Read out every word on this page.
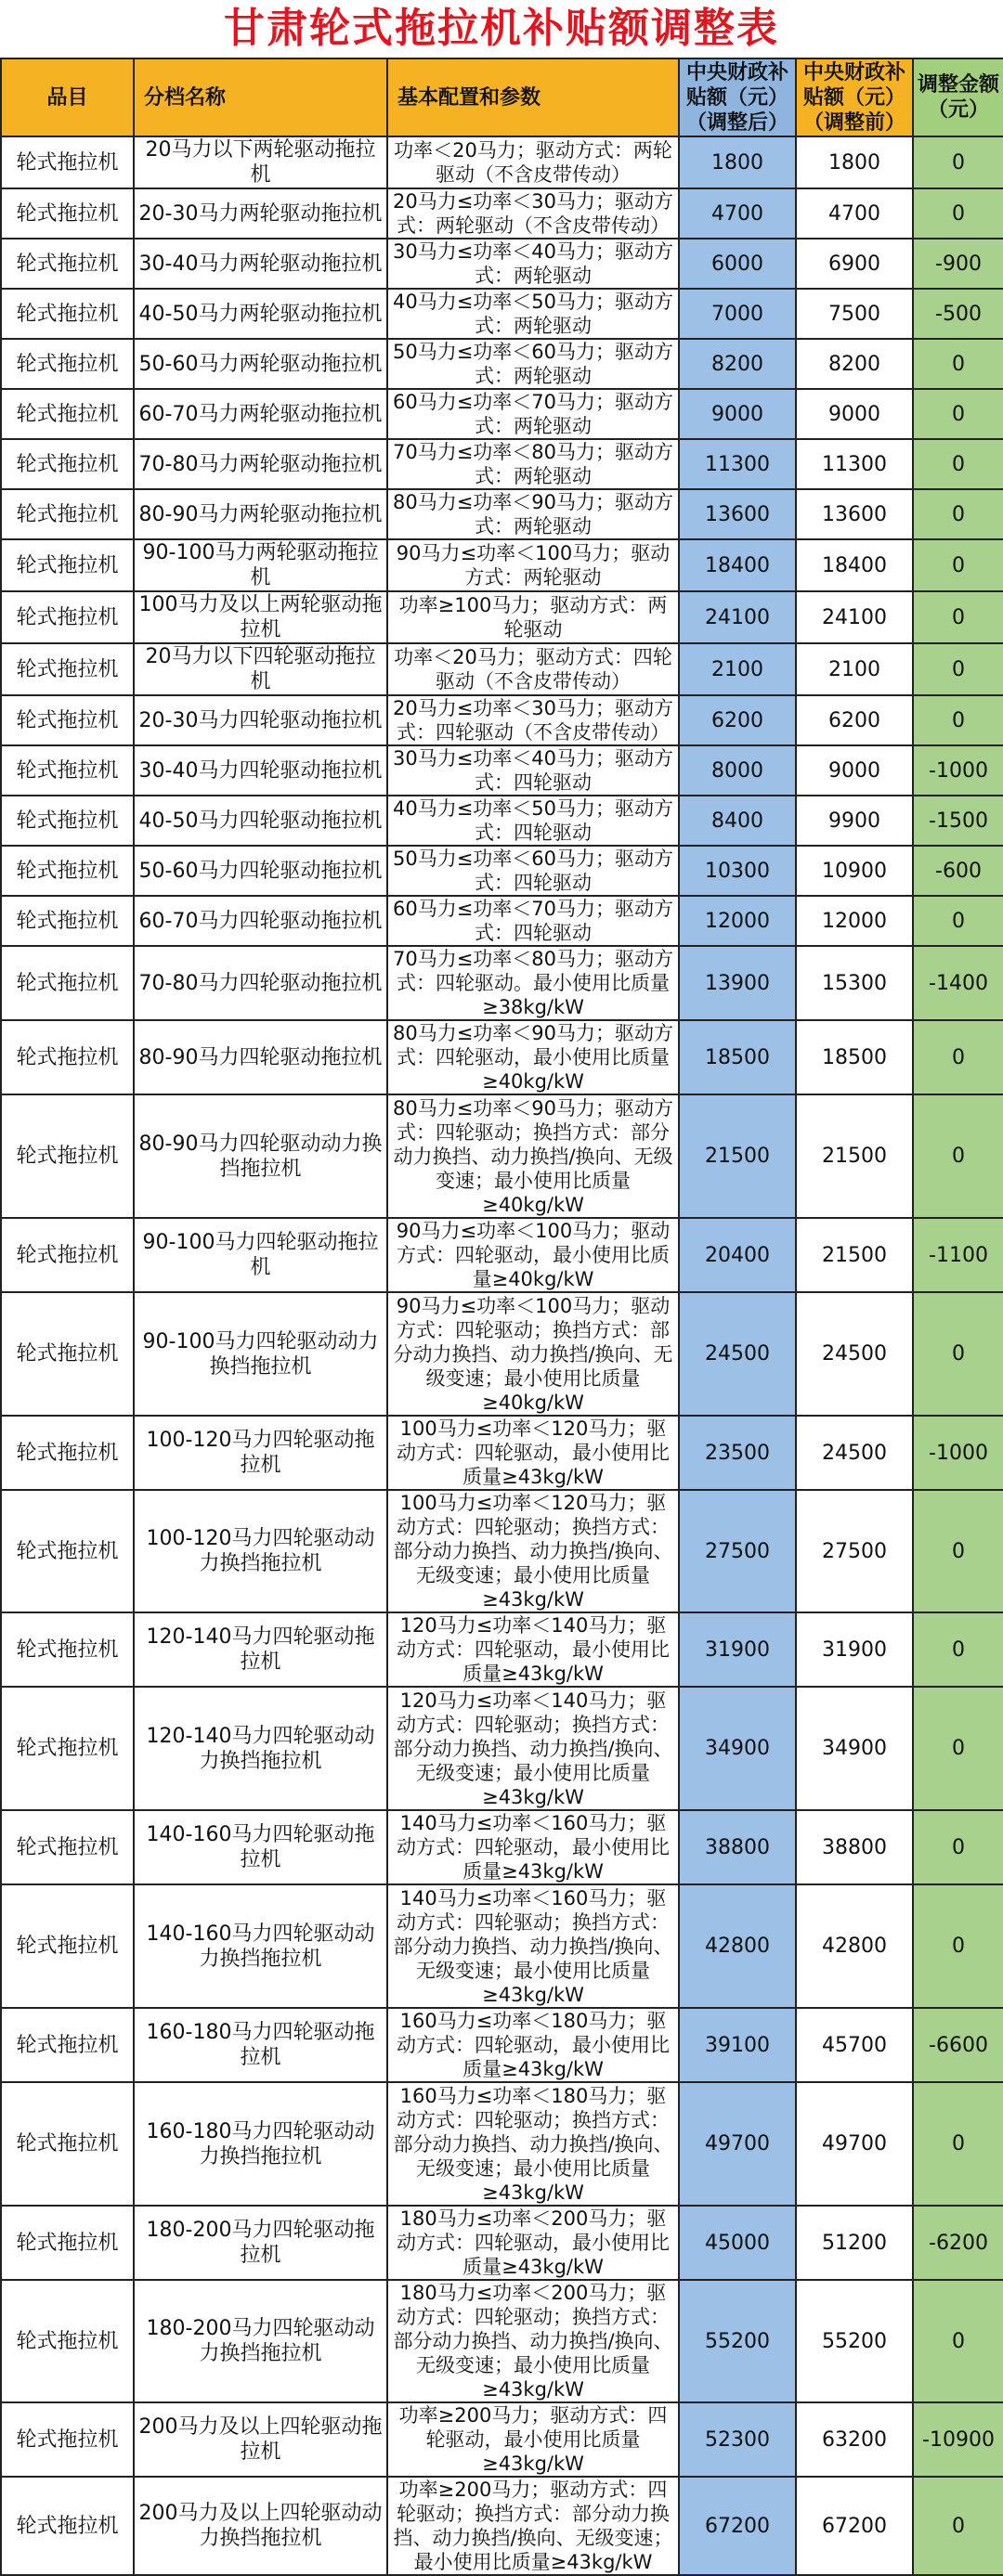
甘肃轮式拖拉机补贴额调整表
品目	分档名称	基本配置和参数	中央财政补贴额（元）（调整后）	中央财政补贴额（元）（调整前）	调整金额（元）
轮式拖拉机	20马力以下两轮驱动拖拉机	功率＜20马力；驱动方式：两轮驱动（不含皮带传动）	1800	1800	0
轮式拖拉机	20-30马力两轮驱动拖拉机	20马力≤功率＜30马力；驱动方式：两轮驱动（不含皮带传动）	4700	4700	0
轮式拖拉机	30-40马力两轮驱动拖拉机	30马力≤功率＜40马力；驱动方式：两轮驱动	6000	6900	-900
轮式拖拉机	40-50马力两轮驱动拖拉机	40马力≤功率＜50马力；驱动方式：两轮驱动	7000	7500	-500
轮式拖拉机	50-60马力两轮驱动拖拉机	50马力≤功率＜60马力；驱动方式：两轮驱动	8200	8200	0
轮式拖拉机	60-70马力两轮驱动拖拉机	60马力≤功率＜70马力；驱动方式：两轮驱动	9000	9000	0
轮式拖拉机	70-80马力两轮驱动拖拉机	70马力≤功率＜80马力；驱动方式：两轮驱动	11300	11300	0
轮式拖拉机	80-90马力两轮驱动拖拉机	80马力≤功率＜90马力；驱动方式：两轮驱动	13600	13600	0
轮式拖拉机	90-100马力两轮驱动拖拉机	90马力≤功率＜100马力；驱动方式：两轮驱动	18400	18400	0
轮式拖拉机	100马力及以上两轮驱动拖拉机	功率≥100马力；驱动方式：两轮驱动	24100	24100	0
轮式拖拉机	20马力以下四轮驱动拖拉机	功率＜20马力；驱动方式：四轮驱动（不含皮带传动）	2100	2100	0
轮式拖拉机	20-30马力四轮驱动拖拉机	20马力≤功率＜30马力；驱动方式：四轮驱动（不含皮带传动）	6200	6200	0
轮式拖拉机	30-40马力四轮驱动拖拉机	30马力≤功率＜40马力；驱动方式：四轮驱动	8000	9000	-1000
轮式拖拉机	40-50马力四轮驱动拖拉机	40马力≤功率＜50马力；驱动方式：四轮驱动	8400	9900	-1500
轮式拖拉机	50-60马力四轮驱动拖拉机	50马力≤功率＜60马力；驱动方式：四轮驱动	10300	10900	-600
轮式拖拉机	60-70马力四轮驱动拖拉机	60马力≤功率＜70马力；驱动方式：四轮驱动	12000	12000	0
轮式拖拉机	70-80马力四轮驱动拖拉机	70马力≤功率＜80马力；驱动方式：四轮驱动。最小使用比质量≥38kg/kW	13900	15300	-1400
轮式拖拉机	80-90马力四轮驱动拖拉机	80马力≤功率＜90马力；驱动方式：四轮驱动，最小使用比质量≥40kg/kW	18500	18500	0
轮式拖拉机	80-90马力四轮驱动动力换挡拖拉机	80马力≤功率＜90马力；驱动方式：四轮驱动；换挡方式：部分动力换挡、动力换挡/换向、无级变速；最小使用比质量≥40kg/kW	21500	21500	0
轮式拖拉机	90-100马力四轮驱动拖拉机	90马力≤功率＜100马力；驱动方式：四轮驱动，最小使用比质量≥40kg/kW	20400	21500	-1100
轮式拖拉机	90-100马力四轮驱动动力换挡拖拉机	90马力≤功率＜100马力；驱动方式：四轮驱动；换挡方式：部分动力换挡、动力换挡/换向、无级变速；最小使用比质量≥40kg/kW	24500	24500	0
轮式拖拉机	100-120马力四轮驱动拖拉机	100马力≤功率＜120马力；驱动方式：四轮驱动，最小使用比质量≥43kg/kW	23500	24500	-1000
轮式拖拉机	100-120马力四轮驱动动力换挡拖拉机	100马力≤功率＜120马力；驱动方式：四轮驱动；换挡方式：部分动力换挡、动力换挡/换向、无级变速；最小使用比质量≥43kg/kW	27500	27500	0
轮式拖拉机	120-140马力四轮驱动拖拉机	120马力≤功率＜140马力；驱动方式：四轮驱动，最小使用比质量≥43kg/kW	31900	31900	0
轮式拖拉机	120-140马力四轮驱动动力换挡拖拉机	120马力≤功率＜140马力；驱动方式：四轮驱动；换挡方式：部分动力换挡、动力换挡/换向、无级变速；最小使用比质量≥43kg/kW	34900	34900	0
轮式拖拉机	140-160马力四轮驱动拖拉机	140马力≤功率＜160马力；驱动方式：四轮驱动，最小使用比质量≥43kg/kW	38800	38800	0
轮式拖拉机	140-160马力四轮驱动动力换挡拖拉机	140马力≤功率＜160马力；驱动方式：四轮驱动；换挡方式：部分动力换挡、动力换挡/换向、无级变速；最小使用比质量≥43kg/kW	42800	42800	0
轮式拖拉机	160-180马力四轮驱动拖拉机	160马力≤功率＜180马力；驱动方式：四轮驱动，最小使用比质量≥43kg/kW	39100	45700	-6600
轮式拖拉机	160-180马力四轮驱动动力换挡拖拉机	160马力≤功率＜180马力；驱动方式：四轮驱动；换挡方式：部分动力换挡、动力换挡/换向、无级变速；最小使用比质量≥43kg/kW	49700	49700	0
轮式拖拉机	180-200马力四轮驱动拖拉机	180马力≤功率＜200马力；驱动方式：四轮驱动，最小使用比质量≥43kg/kW	45000	51200	-6200
轮式拖拉机	180-200马力四轮驱动动力换挡拖拉机	180马力≤功率＜200马力；驱动方式：四轮驱动；换挡方式：部分动力换挡、动力换挡/换向、无级变速；最小使用比质量≥43kg/kW	55200	55200	0
轮式拖拉机	200马力及以上四轮驱动拖拉机	功率≥200马力；驱动方式：四轮驱动，最小使用比质量≥43kg/kW	52300	63200	-10900
轮式拖拉机	200马力及以上四轮驱动动力换挡拖拉机	功率≥200马力；驱动方式：四轮驱动；换挡方式：部分动力换挡、动力换挡/换向、无级变速；最小使用比质量≥43kg/kW	67200	67200	0
